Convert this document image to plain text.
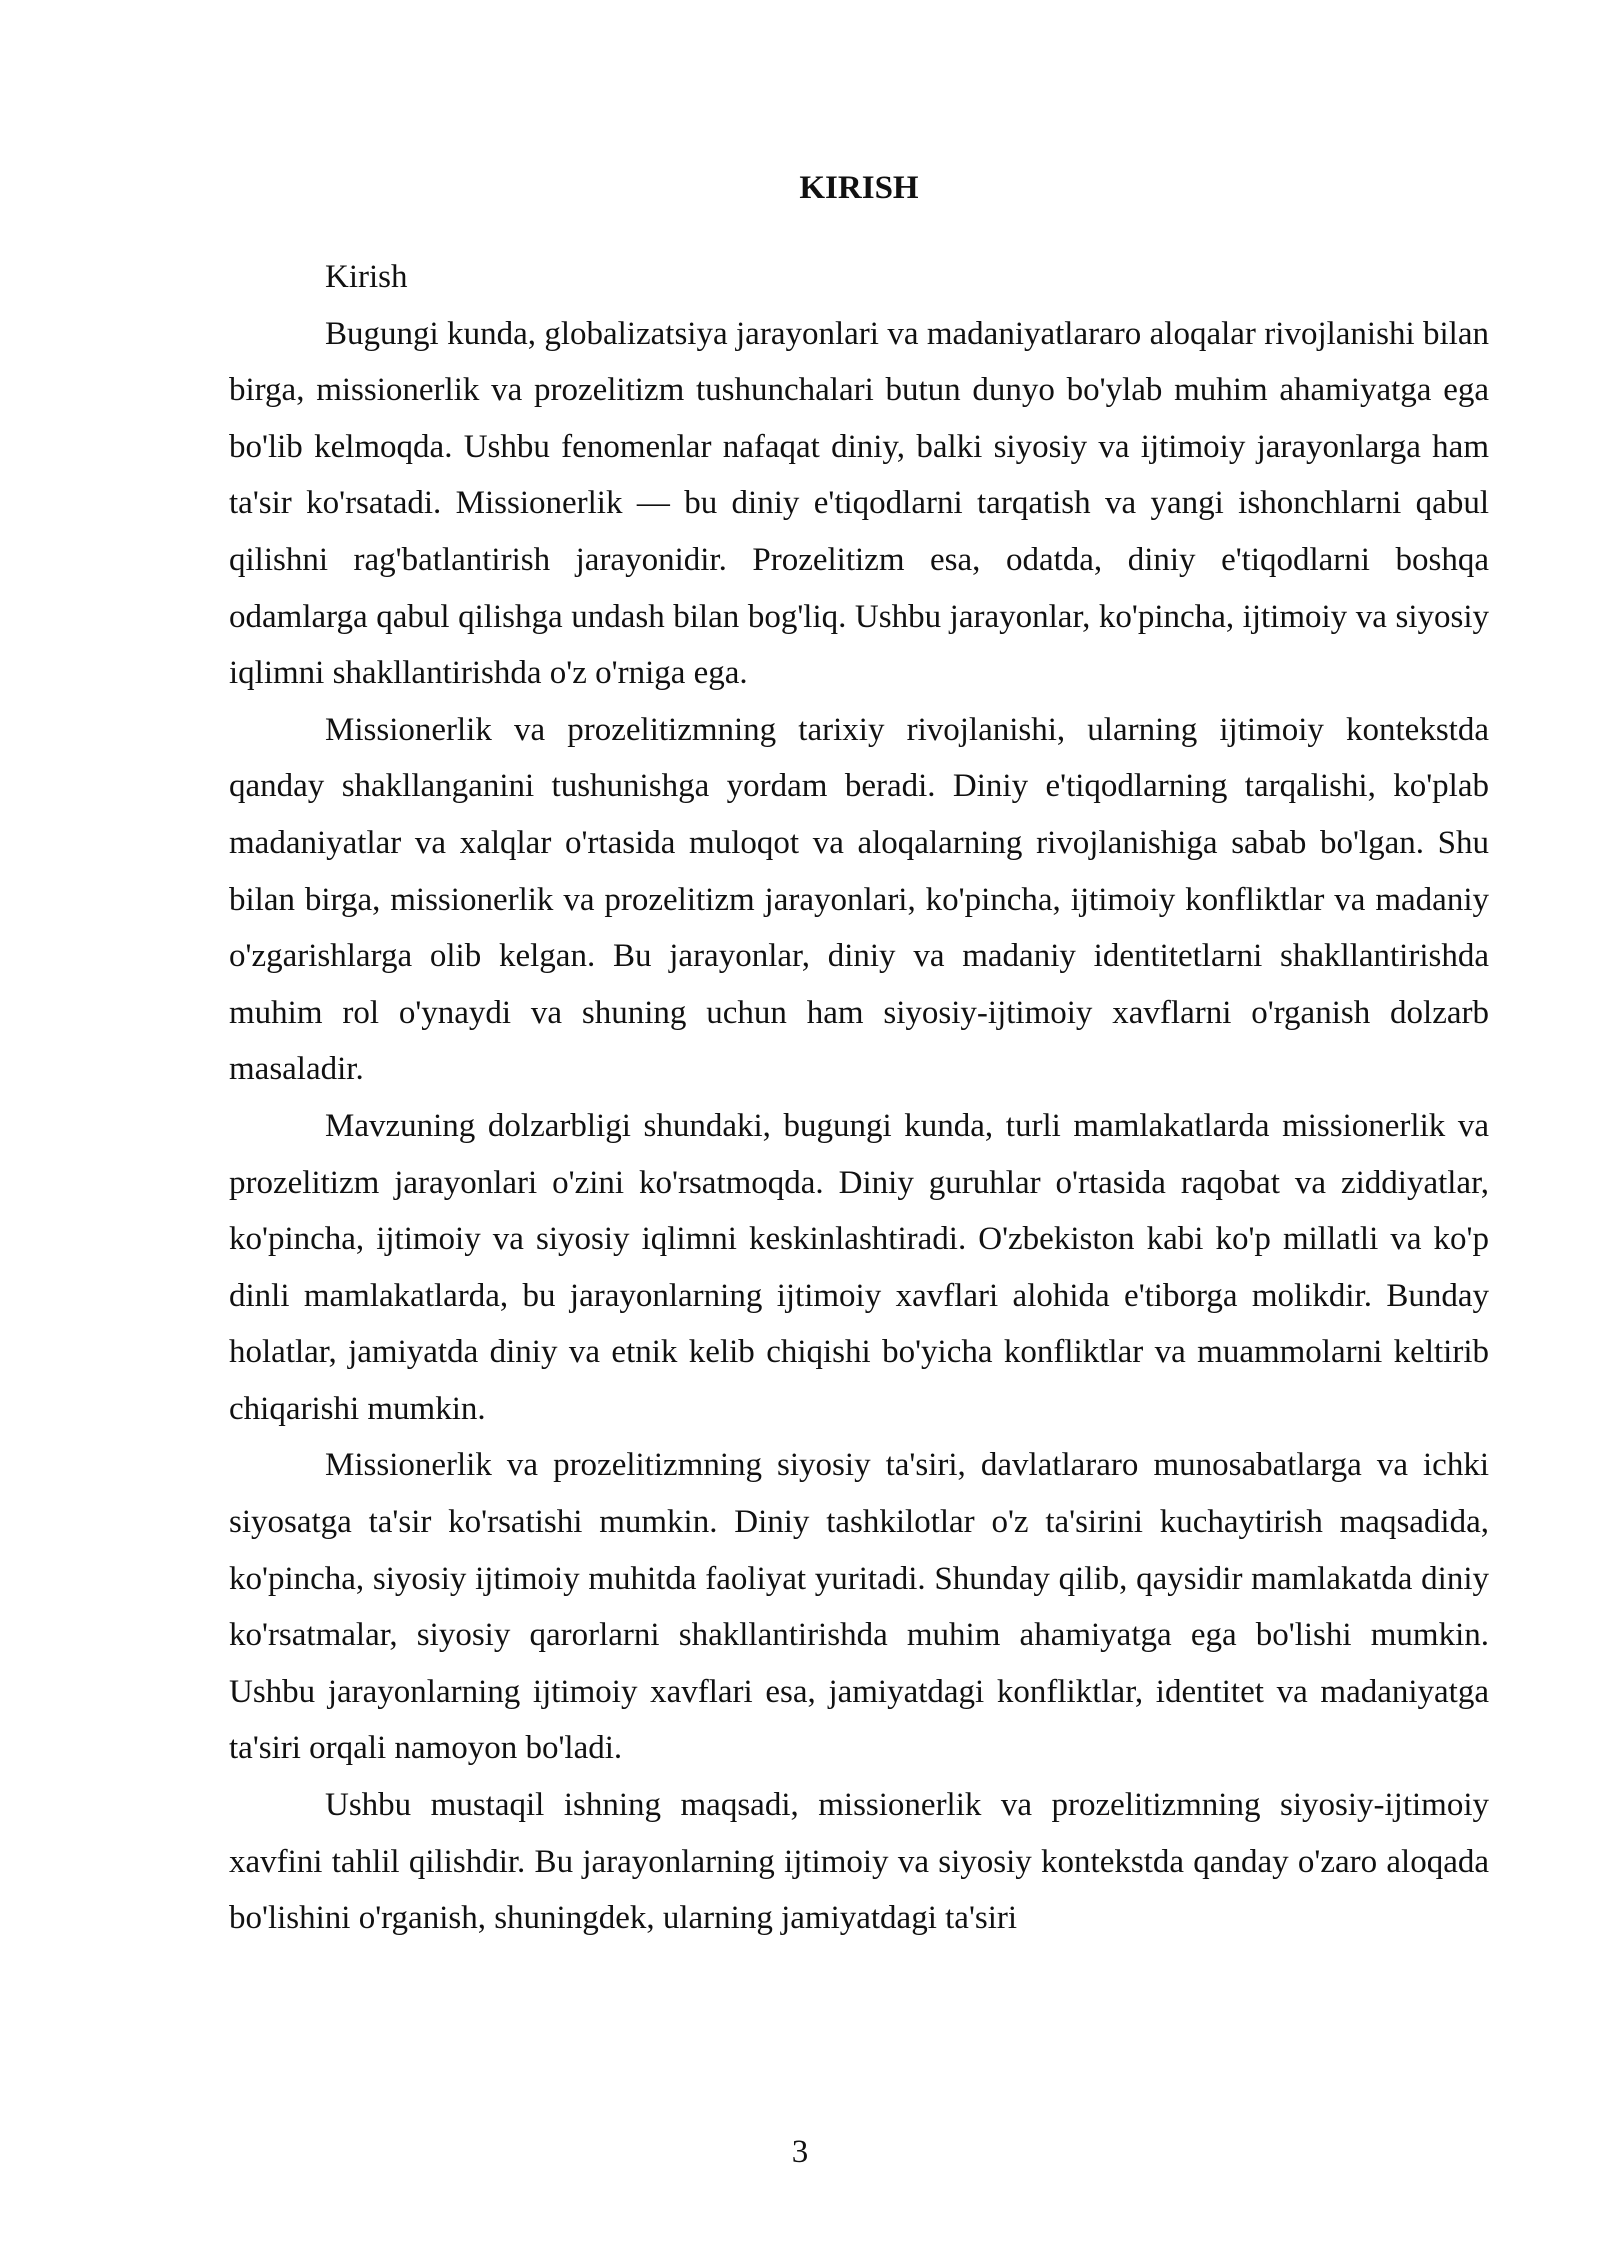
KIRISH

Kirish

Bugungi kunda, globalizatsiya jarayonlari va madaniyatlararo aloqalar rivojlanishi bilan birga, missionerlik va prozelitizm tushunchalari butun dunyo bo'ylab muhim ahamiyatga ega bo'lib kelmoqda. Ushbu fenomenlar nafaqat diniy, balki siyosiy va ijtimoiy jarayonlarga ham ta'sir ko'rsatadi. Missionerlik — bu diniy e'tiqodlarni tarqatish va yangi ishonchlarni qabul qilishni rag'batlantirish jarayonidir. Prozelitizm esa, odatda, diniy e'tiqodlarni boshqa odamlarga qabul qilishga undash bilan bog'liq. Ushbu jarayonlar, ko'pincha, ijtimoiy va siyosiy iqlimni shakllantirishda o'z o'rniga ega.

Missionerlik va prozelitizmning tarixiy rivojlanishi, ularning ijtimoiy kontekstda qanday shakllanganini tushunishga yordam beradi. Diniy e'tiqodlarning tarqalishi, ko'plab madaniyatlar va xalqlar o'rtasida muloqot va aloqalarning rivojlanishiga sabab bo'lgan. Shu bilan birga, missionerlik va prozelitizm jarayonlari, ko'pincha, ijtimoiy konfliktlar va madaniy o'zgarishlarga olib kelgan. Bu jarayonlar, diniy va madaniy identitetlarni shakllantirishda muhim rol o'ynaydi va shuning uchun ham siyosiy-ijtimoiy xavflarni o'rganish dolzarb masaladir.

Mavzuning dolzarbligi shundaki, bugungi kunda, turli mamlakatlarda missionerlik va prozelitizm jarayonlari o'zini ko'rsatmoqda. Diniy guruhlar o'rtasida raqobat va ziddiyatlar, ko'pincha, ijtimoiy va siyosiy iqlimni keskinlashtiradi. O'zbekiston kabi ko'p millatli va ko'p dinli mamlakatlarda, bu jarayonlarning ijtimoiy xavflari alohida e'tiborga molikdir. Bunday holatlar, jamiyatda diniy va etnik kelib chiqishi bo'yicha konfliktlar va muammolarni keltirib chiqarishi mumkin.

Missionerlik va prozelitizmning siyosiy ta'siri, davlatlararo munosabatlarga va ichki siyosatga ta'sir ko'rsatishi mumkin. Diniy tashkilotlar o'z ta'sirini kuchaytirish maqsadida, ko'pincha, siyosiy ijtimoiy muhitda faoliyat yuritadi. Shunday qilib, qaysidir mamlakatda diniy ko'rsatmalar, siyosiy qarorlarni shakllantirishda muhim ahamiyatga ega bo'lishi mumkin. Ushbu jarayonlarning ijtimoiy xavflari esa, jamiyatdagi konfliktlar, identitet va madaniyatga ta'siri orqali namoyon bo'ladi.

Ushbu mustaqil ishning maqsadi, missionerlik va prozelitizmning siyosiy-ijtimoiy xavfini tahlil qilishdir. Bu jarayonlarning ijtimoiy va siyosiy kontekstda qanday o'zaro aloqada bo'lishini o'rganish, shuningdek, ularning jamiyatdagi ta'siri

3
